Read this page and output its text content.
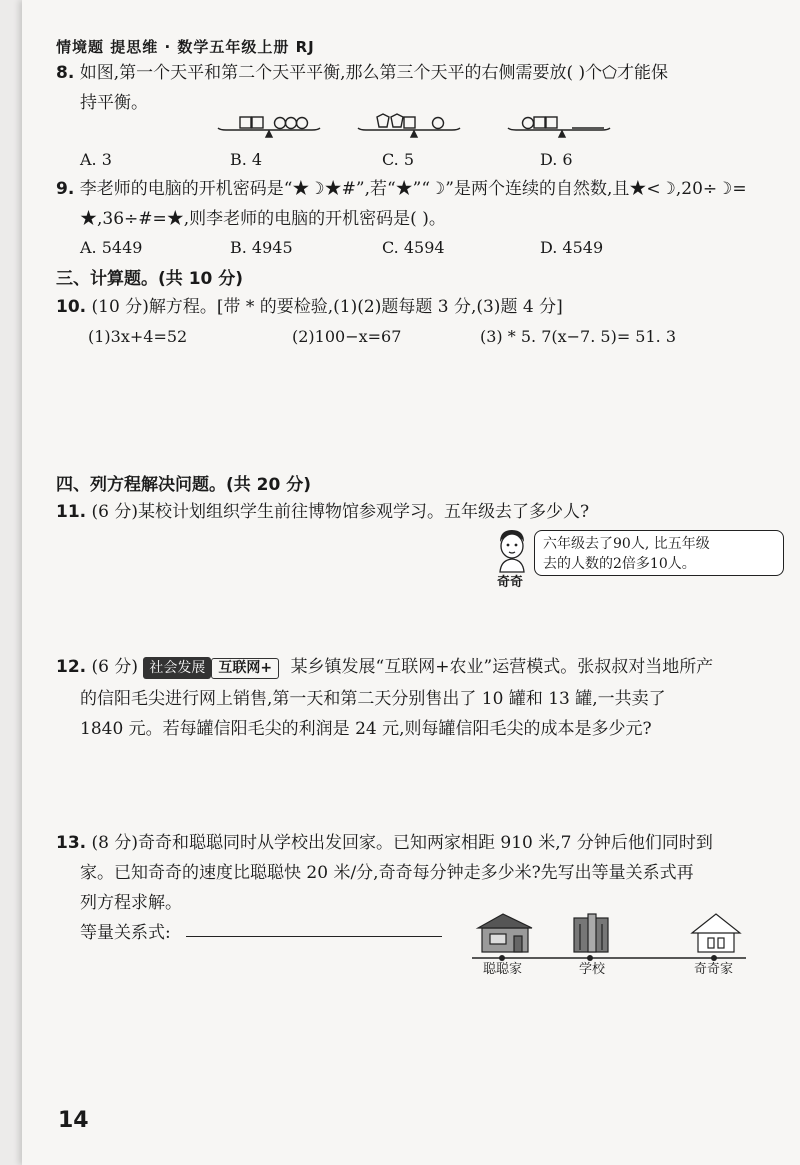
情境题 提思维 · 数学五年级上册 RJ
8. 如图,第一个天平和第二个天平平衡,那么第三个天平的右侧需要放( )个⬠才能保
持平衡。
A. 3	B. 4	C. 5	D. 6
9. 李老师的电脑的开机密码是“★☽★#”,若“★”“☽”是两个连续的自然数,且★<☽,20÷☽=
★,36÷#=★,则李老师的电脑的开机密码是( )。
A. 5449	B. 4945	C. 4594	D. 4549
三、计算题。(共 10 分)
10. (10 分)解方程。[带 * 的要检验,(1)(2)题每题 3 分,(3)题 4 分]
(1)3x+4=52	(2)100−x=67	(3) * 5. 7(x−7. 5)= 51. 3
四、列方程解决问题。(共 20 分)
11. (6 分)某校计划组织学生前往博物馆参观学习。五年级去了多少人?
奇奇
六年级去了90人, 比五年级
去的人数的2倍多10人。
12. (6 分) 社会发展 互联网+ 某乡镇发展“互联网+农业”运营模式。张叔叔对当地所产
的信阳毛尖进行网上销售,第一天和第二天分别售出了 10 罐和 13 罐,一共卖了
1840 元。若每罐信阳毛尖的利润是 24 元,则每罐信阳毛尖的成本是多少元?
13. (8 分)奇奇和聪聪同时从学校出发回家。已知两家相距 910 米,7 分钟后他们同时到
家。已知奇奇的速度比聪聪快 20 米/分,奇奇每分钟走多少米?先写出等量关系式再
列方程求解。
等量关系式:
聪聪家	学校	奇奇家
14
